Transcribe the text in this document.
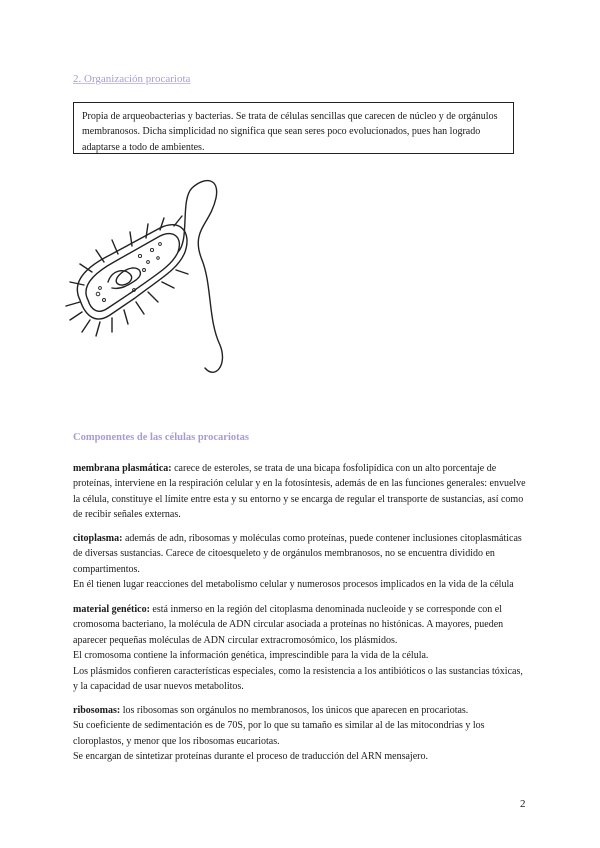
2. Organización procariota
Propia de arqueobacterias y bacterias. Se trata de células sencillas que carecen de núcleo y de orgánulos membranosos. Dicha simplicidad no significa que sean seres poco evolucionados, pues han logrado adaptarse a todo de ambientes.
Componentes de las células procariotas

membrana plasmática: carece de esteroles, se trata de una bicapa fosfolipídica con un alto porcentaje de proteínas, interviene en la respiración celular y en la fotosíntesis, además de en las funciones generales: envuelve la célula, constituye el límite entre esta y su entorno y se encarga de regular el transporte de sustancias, así como de recibir señales externas.

citoplasma: además de adn, ribosomas y moléculas como proteínas, puede contener inclusiones citoplasmáticas de diversas sustancias. Carece de citoesqueleto y de orgánulos membranosos, no se encuentra dividido en compartimentos.

En él tienen lugar reacciones del metabolismo celular y numerosos procesos implicados en la vida de la célula

material genético: está inmerso en la región del citoplasma denominada nucleoide y se corresponde con el cromosoma bacteriano, la molécula de ADN circular asociada a proteínas no histónicas. A mayores, pueden aparecer pequeñas moléculas de ADN circular extracromosómico, los plásmidos.

El cromosoma contiene la información genética, imprescindible para la vida de la célula.

Los plásmidos confieren características especiales, como la resistencia a los antibióticos o las sustancias tóxicas, y la capacidad de usar nuevos metabolitos.

ribosomas: los ribosomas son orgánulos no membranosos, los únicos que aparecen en procariotas.

Su coeficiente de sedimentación es de 70S, por lo que su tamaño es similar al de las mitocondrias y los cloroplastos, y menor que los ribosomas eucariotas.

Se encargan de sintetizar proteínas durante el proceso de traducción del ARN mensajero.

2
